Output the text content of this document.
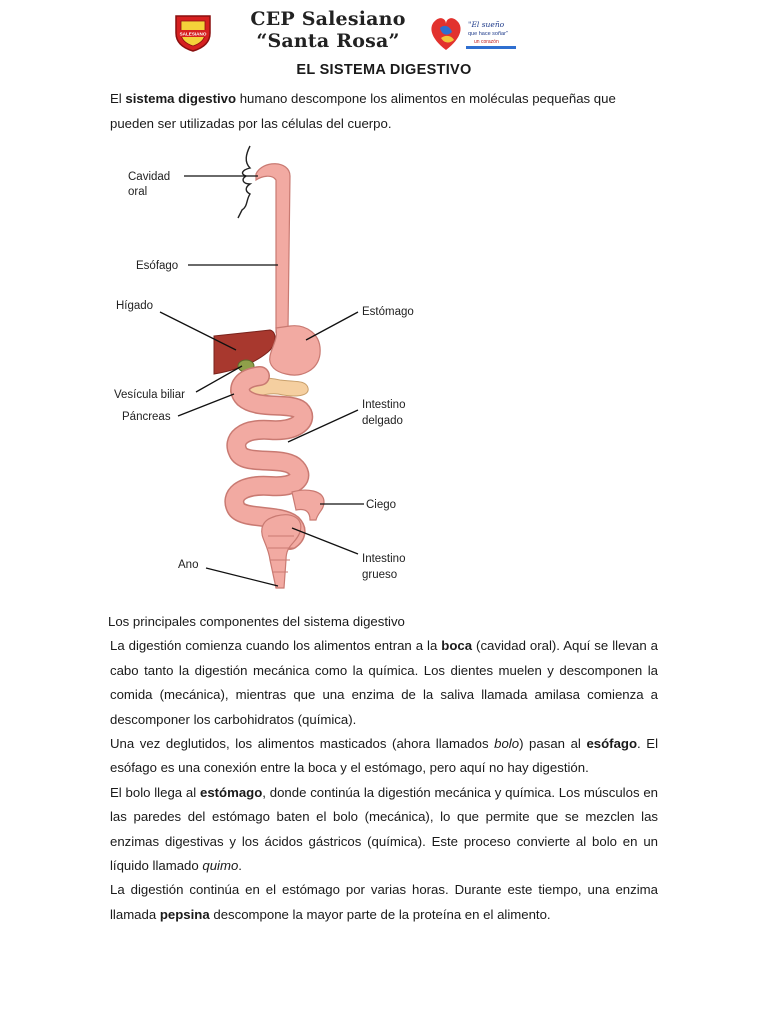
SALESIANO
CEP Salesiano
“Santa Rosa”
"El sueño
que hace soñar"
un corazón
EL SISTEMA DIGESTIVO

El sistema digestivo humano descompone los alimentos en moléculas pequeñas que pueden ser utilizadas por las células del cuerpo.

Cavidad
oral
Esófago
Hígado	Estómago
Vesícula biliar
Páncreas
Intestino
delgado
Ciego
Intestino
grueso
Ano

Los principales componentes del sistema digestivo

La digestión comienza cuando los alimentos entran a la boca (cavidad oral). Aquí se llevan a cabo tanto la digestión mecánica como la química. Los dientes muelen y descomponen la comida (mecánica), mientras que una enzima de la saliva llamada amilasa comienza a descomponer los carbohidratos (química).

Una vez deglutidos, los alimentos masticados (ahora llamados bolo) pasan al esófago. El esófago es una conexión entre la boca y el estómago, pero aquí no hay digestión.

El bolo llega al estómago, donde continúa la digestión mecánica y química. Los músculos en las paredes del estómago baten el bolo (mecánica), lo que permite que se mezclen las enzimas digestivas y los ácidos gástricos (química). Este proceso convierte al bolo en un líquido llamado quimo.

La digestión continúa en el estómago por varias horas. Durante este tiempo, una enzima llamada pepsina descompone la mayor parte de la proteína en el alimento.
